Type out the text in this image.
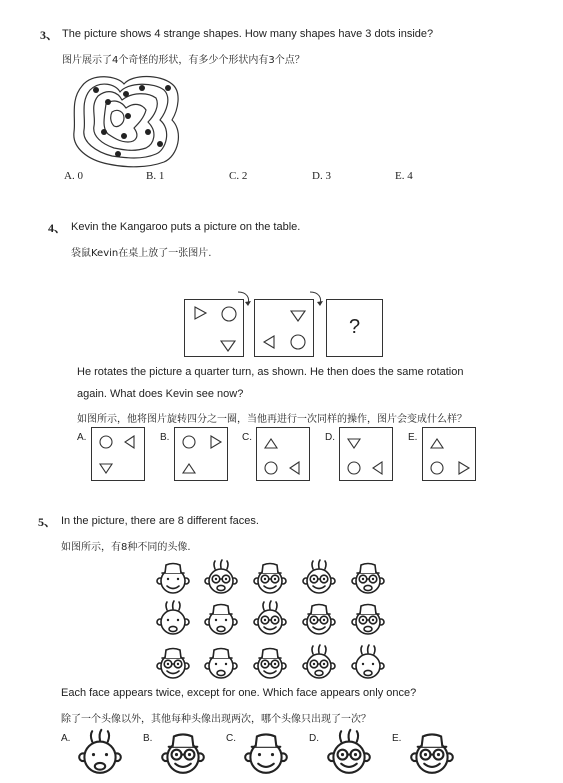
3、 The picture shows 4 strange shapes. How many shapes have 3 dots inside?
图片展示了4个奇怪的形状，有多少个形状内有3个点？
A. 0	B. 1	C. 2	D. 3	E. 4
4、 Kevin the Kangaroo puts a picture on the table.
袋鼠Kevin在桌上放了一张图片.
?
He rotates the picture a quarter turn, as shown. He then does the same rotation
again. What does Kevin see now?
如图所示，他将图片旋转四分之一圈，当他再进行一次同样的操作，图片会变成什么样？
A.	B.	C.	D.	E.
5、 In the picture, there are 8 different faces.
如图所示，有8种不同的头像.
Each face appears twice, except for one. Which face appears only once?
除了一个头像以外，其他每种头像出现两次，哪个头像只出现了一次？
A.	B.	C.	D.	E.
